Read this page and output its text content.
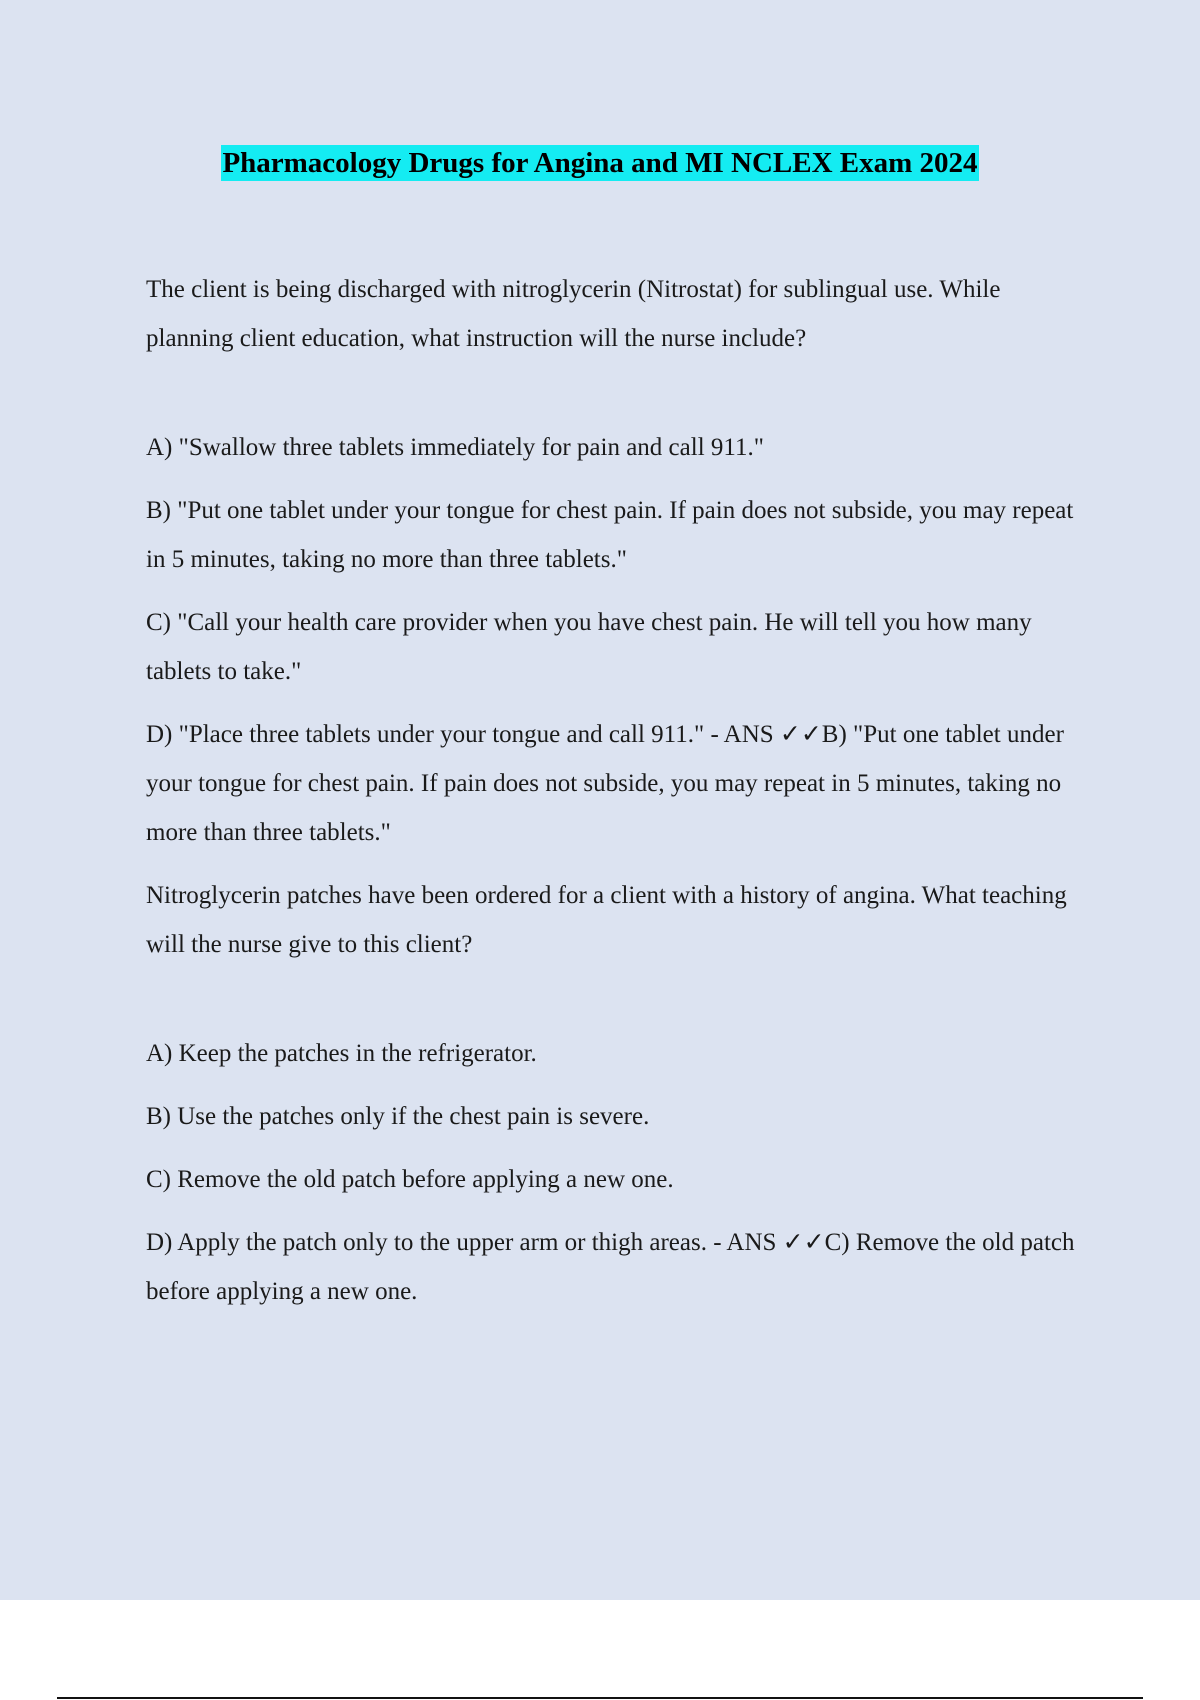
Pharmacology Drugs for Angina and MI NCLEX Exam 2024

The client is being discharged with nitroglycerin (Nitrostat) for sublingual use. While planning client education, what instruction will the nurse include?

A) "Swallow three tablets immediately for pain and call 911."

B) "Put one tablet under your tongue for chest pain. If pain does not subside, you may repeat in 5 minutes, taking no more than three tablets."

C) "Call your health care provider when you have chest pain. He will tell you how many tablets to take."

D) "Place three tablets under your tongue and call 911." - ANS ✓✓B) "Put one tablet under your tongue for chest pain. If pain does not subside, you may repeat in 5 minutes, taking no more than three tablets."

Nitroglycerin patches have been ordered for a client with a history of angina. What teaching will the nurse give to this client?

A) Keep the patches in the refrigerator.

B) Use the patches only if the chest pain is severe.

C) Remove the old patch before applying a new one.

D) Apply the patch only to the upper arm or thigh areas. - ANS ✓✓C) Remove the old patch before applying a new one.
